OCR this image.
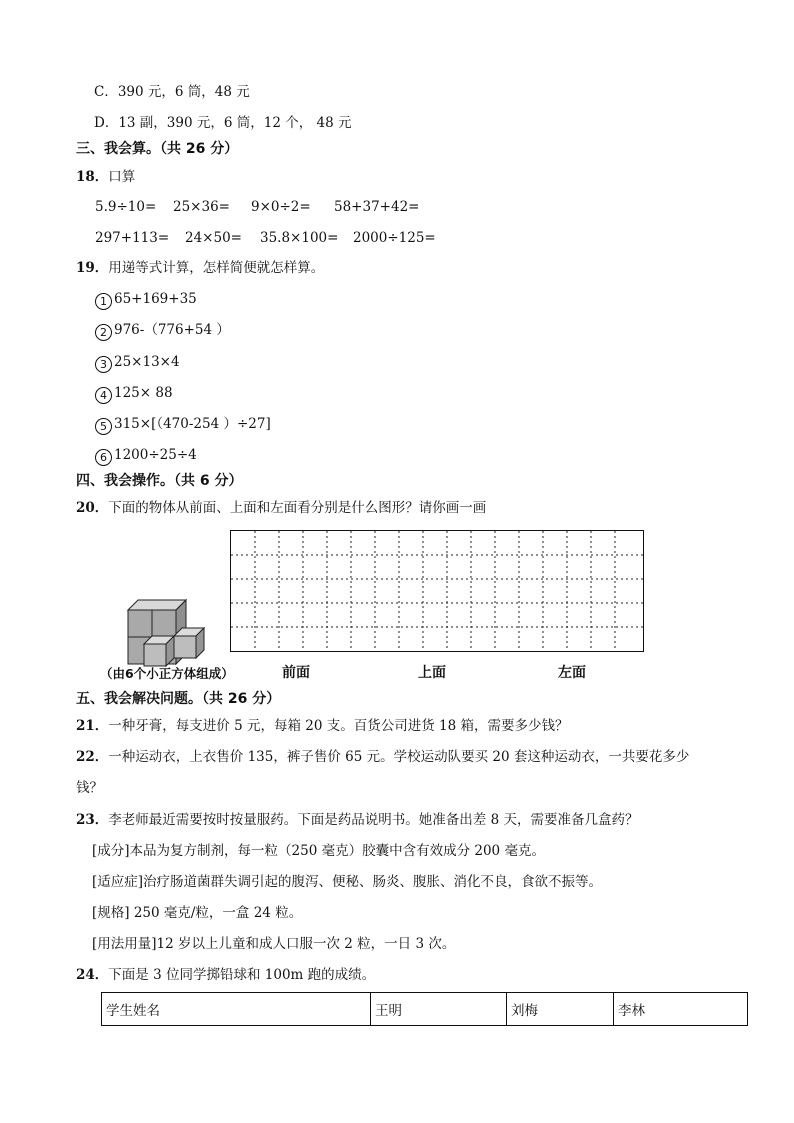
C．390 元，6 筒，48 元
D．13 副，390 元，6 筒，12 个， 48 元
三、我会算。（共 26 分）
18．口算
5.9÷10= 25×36= 9×0÷2= 58+37+42=
297+113= 24×50= 35.8×100= 2000÷125=
19．用递等式计算，怎样简便就怎样算。
1 65+169+35
2 976-（776+54 ）
3 25×13×4
4 125× 88
5 315×[（470-254 ）÷27]
6 1200÷25÷4
四、我会操作。（共 6 分）
20．下面的物体从前面、上面和左面看分别是什么图形？请你画一画
（由6个小正方体组成）	前面	上面	左面
五、我会解决问题。（共 26 分）
21．一种牙膏，每支进价 5 元，每箱 20 支。百货公司进货 18 箱，需要多少钱？
22．一种运动衣，上衣售价 135，裤子售价 65 元。学校运动队要买 20 套这种运动衣，一共要花多少
钱？
23．李老师最近需要按时按量服药。下面是药品说明书。她准备出差 8 天，需要准备几盒药？
[成分]本品为复方制剂，每一粒（250 毫克）胶囊中含有效成分 200 毫克。
[适应症]治疗肠道菌群失调引起的腹泻、便秘、肠炎、腹胀、消化不良，食欲不振等。
[规格] 250 毫克/粒，一盒 24 粒。
[用法用量]12 岁以上儿童和成人口服一次 2 粒，一日 3 次。
24．下面是 3 位同学掷铅球和 100m 跑的成绩。
学生姓名	王明	刘梅	李林
